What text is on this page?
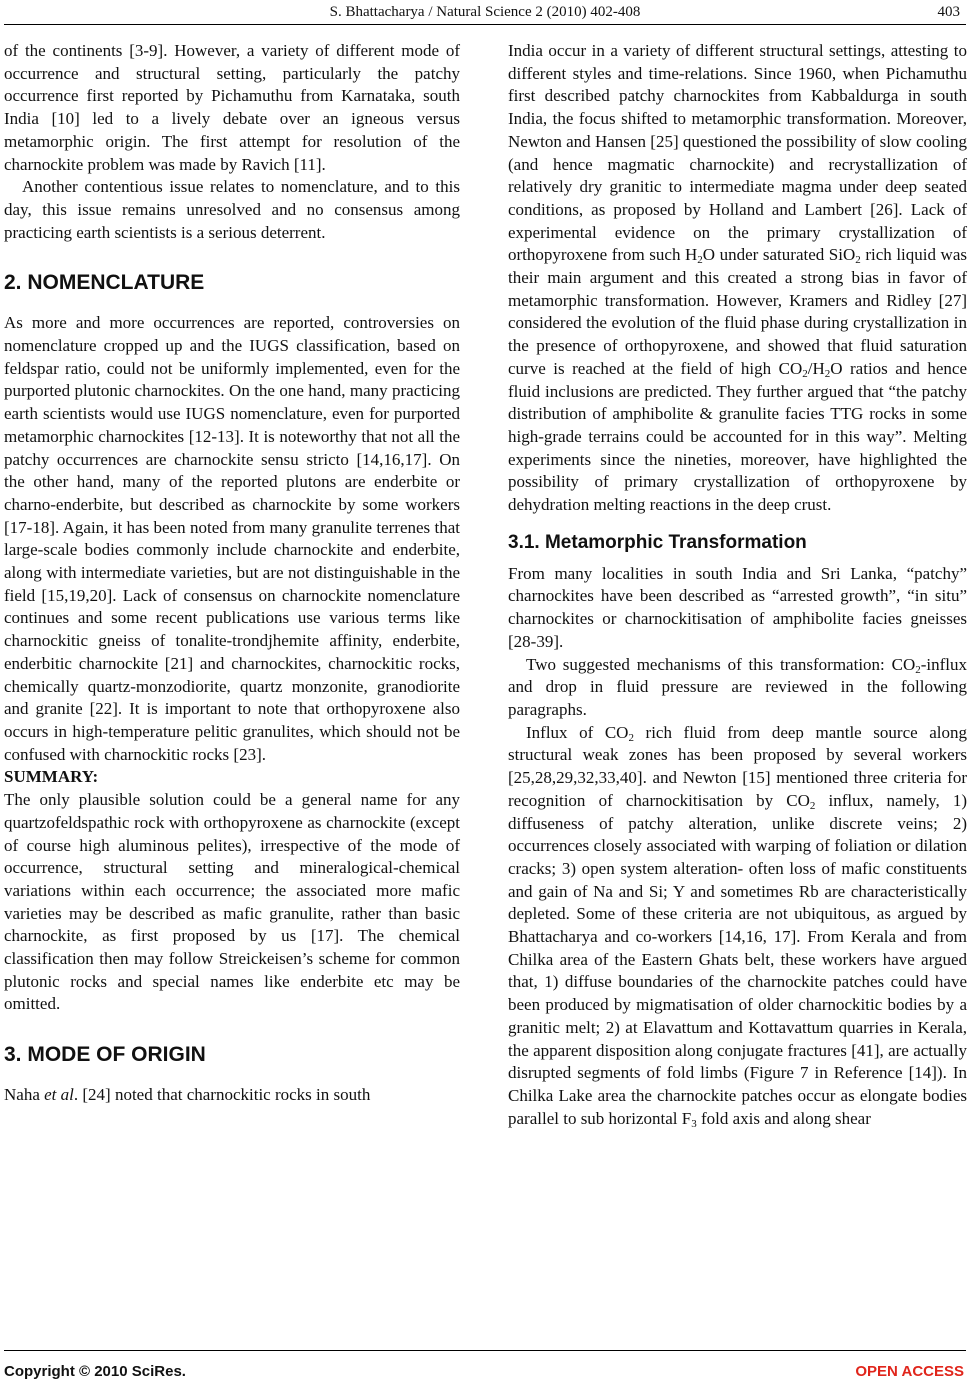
S. Bhattacharya / Natural Science 2 (2010) 402-408	403

of the continents [3-9]. However, a variety of different mode of occurrence and structural setting, particularly the patchy occurrence first reported by Pichamuthu from Karnataka, south India [10] led to a lively debate over an igneous versus metamorphic origin. The first attempt for resolution of the charnockite problem was made by Ravich [11].

Another contentious issue relates to nomenclature, and to this day, this issue remains unresolved and no consensus among practicing earth scientists is a serious deterrent.

2. NOMENCLATURE

As more and more occurrences are reported, controversies on nomenclature cropped up and the IUGS classification, based on feldspar ratio, could not be uniformly implemented, even for the purported plutonic charnockites. On the one hand, many practicing earth scientists would use IUGS nomenclature, even for purported metamorphic charnockites [12-13]. It is noteworthy that not all the patchy occurrences are charnockite sensu stricto [14,16,17]. On the other hand, many of the reported plutons are enderbite or charno-enderbite, but described as charnockite by some workers [17-18]. Again, it has been noted from many granulite terrenes that large-scale bodies commonly include charnockite and enderbite, along with intermediate varieties, but are not distinguishable in the field [15,19,20]. Lack of consensus on charnockite nomenclature continues and some recent publications use various terms like charnockitic gneiss of tonalite-trondjhemite affinity, enderbite, enderbitic charnockite [21] and charnockites, charnockitic rocks, chemically quartz-monzodiorite, quartz monzonite, granodiorite and granite [22]. It is important to note that orthopyroxene also occurs in high-temperature pelitic granulites, which should not be confused with charnockitic rocks [23].

SUMMARY:

The only plausible solution could be a general name for any quartzofeldspathic rock with orthopyroxene as charnockite (except of course high aluminous pelites), irrespective of the mode of occurrence, structural setting and mineralogical-chemical variations within each occurrence; the associated more mafic varieties may be described as mafic granulite, rather than basic charnockite, as first proposed by us [17]. The chemical classification then may follow Streickeisen’s scheme for common plutonic rocks and special names like enderbite etc may be omitted.

3. MODE OF ORIGIN

Naha et al. [24] noted that charnockitic rocks in south

India occur in a variety of different structural settings, attesting to different styles and time-relations. Since 1960, when Pichamuthu first described patchy charnockites from Kabbaldurga in south India, the focus shifted to metamorphic transformation. Moreover, Newton and Hansen [25] questioned the possibility of slow cooling (and hence magmatic charnockite) and recrystallization of relatively dry granitic to intermediate magma under deep seated conditions, as proposed by Holland and Lambert [26]. Lack of experimental evidence on the primary crystallization of orthopyroxene from such $H_2O$ under saturated SiO$_2$ rich liquid was their main argument and this created a strong bias in favor of metamorphic transformation. However, Kramers and Ridley [27] considered the evolution of the fluid phase during crystallization in the presence of orthopyroxene, and showed that fluid saturation curve is reached at the field of high $CO_2/H_2O$ ratios and hence fluid inclusions are predicted. They further argued that “the patchy distribution of amphibolite & granulite facies TTG rocks in some high-grade terrains could be accounted for in this way”. Melting experiments since the nineties, moreover, have highlighted the possibility of primary crystallization of orthopyroxene by dehydration melting reactions in the deep crust.

3.1. Metamorphic Transformation

From many localities in south India and Sri Lanka, “patchy” charnockites have been described as “arrested growth”, “in situ” charnockites or charnockitisation of amphibolite facies gneisses [28-39].

Two suggested mechanisms of this transformation: $CO_2$-influx and drop in fluid pressure are reviewed in the following paragraphs.

Influx of $CO_2$ rich fluid from deep mantle source along structural weak zones has been proposed by several workers [25,28,29,32,33,40]. and Newton [15] mentioned three criteria for recognition of charnockitisation by $CO_2$ influx, namely, 1) diffuseness of patchy alteration, unlike discrete veins; 2) occurrences closely associated with warping of foliation or dilation cracks; 3) open system alteration- often loss of mafic constituents and gain of Na and Si; Y and sometimes Rb are characteristically depleted. Some of these criteria are not ubiquitous, as argued by Bhattacharya and co-workers [14,16, 17]. From Kerala and from Chilka area of the Eastern Ghats belt, these workers have argued that, 1) diffuse boundaries of the charnockite patches could have been produced by migmatisation of older charnockitic bodies by a granitic melt; 2) at Elavattum and Kottavattum quarries in Kerala, the apparent disposition along conjugate fractures [41], are actually disrupted segments of fold limbs (Figure 7 in Reference [14]). In Chilka Lake area the charnockite patches occur as elongate bodies parallel to sub horizontal $F_3$ fold axis and along shear

Copyright © 2010 SciRes.	OPEN ACCESS
